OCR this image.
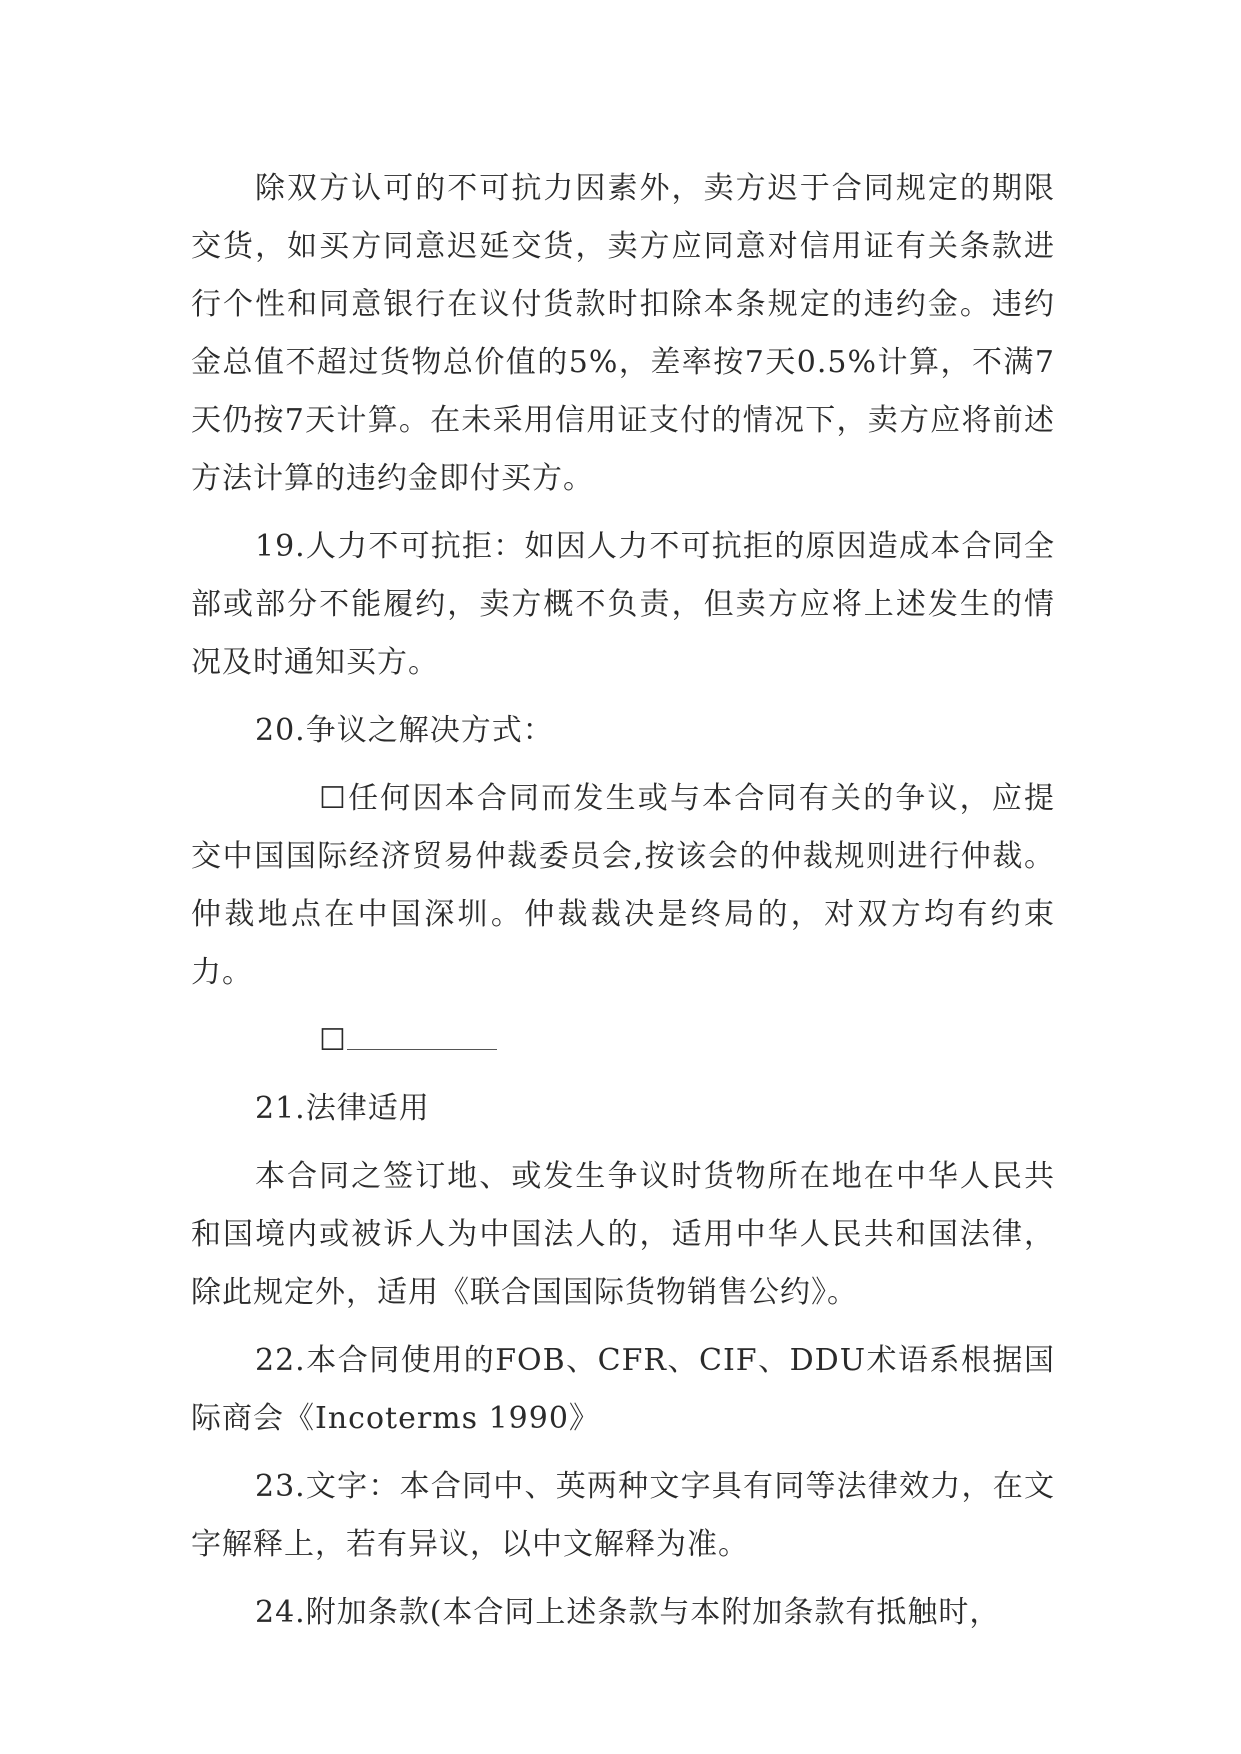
除双方认可的不可抗力因素外，卖方迟于合同规定的期限交货，如买方同意迟延交货，卖方应同意对信用证有关条款进行个性和同意银行在议付货款时扣除本条规定的违约金。违约金总值不超过货物总价值的5%，差率按7天0.5%计算，不满7天仍按7天计算。在未采用信用证支付的情况下，卖方应将前述方法计算的违约金即付买方。

19.人力不可抗拒：如因人力不可抗拒的原因造成本合同全部或部分不能履约，卖方概不负责，但卖方应将上述发生的情况及时通知买方。

20.争议之解决方式：

☐任何因本合同而发生或与本合同有关的争议，应提交中国国际经济贸易仲裁委员会,按该会的仲裁规则进行仲裁。仲裁地点在中国深圳。仲裁裁决是终局的，对双方均有约束力。

☐

21.法律适用

本合同之签订地、或发生争议时货物所在地在中华人民共和国境内或被诉人为中国法人的，适用中华人民共和国法律，除此规定外，适用《联合国国际货物销售公约》。

22.本合同使用的FOB、CFR、CIF、DDU术语系根据国际商会《Incoterms 1990》

23.文字：本合同中、英两种文字具有同等法律效力，在文字解释上，若有异议，以中文解释为准。

24.附加条款(本合同上述条款与本附加条款有抵触时，
